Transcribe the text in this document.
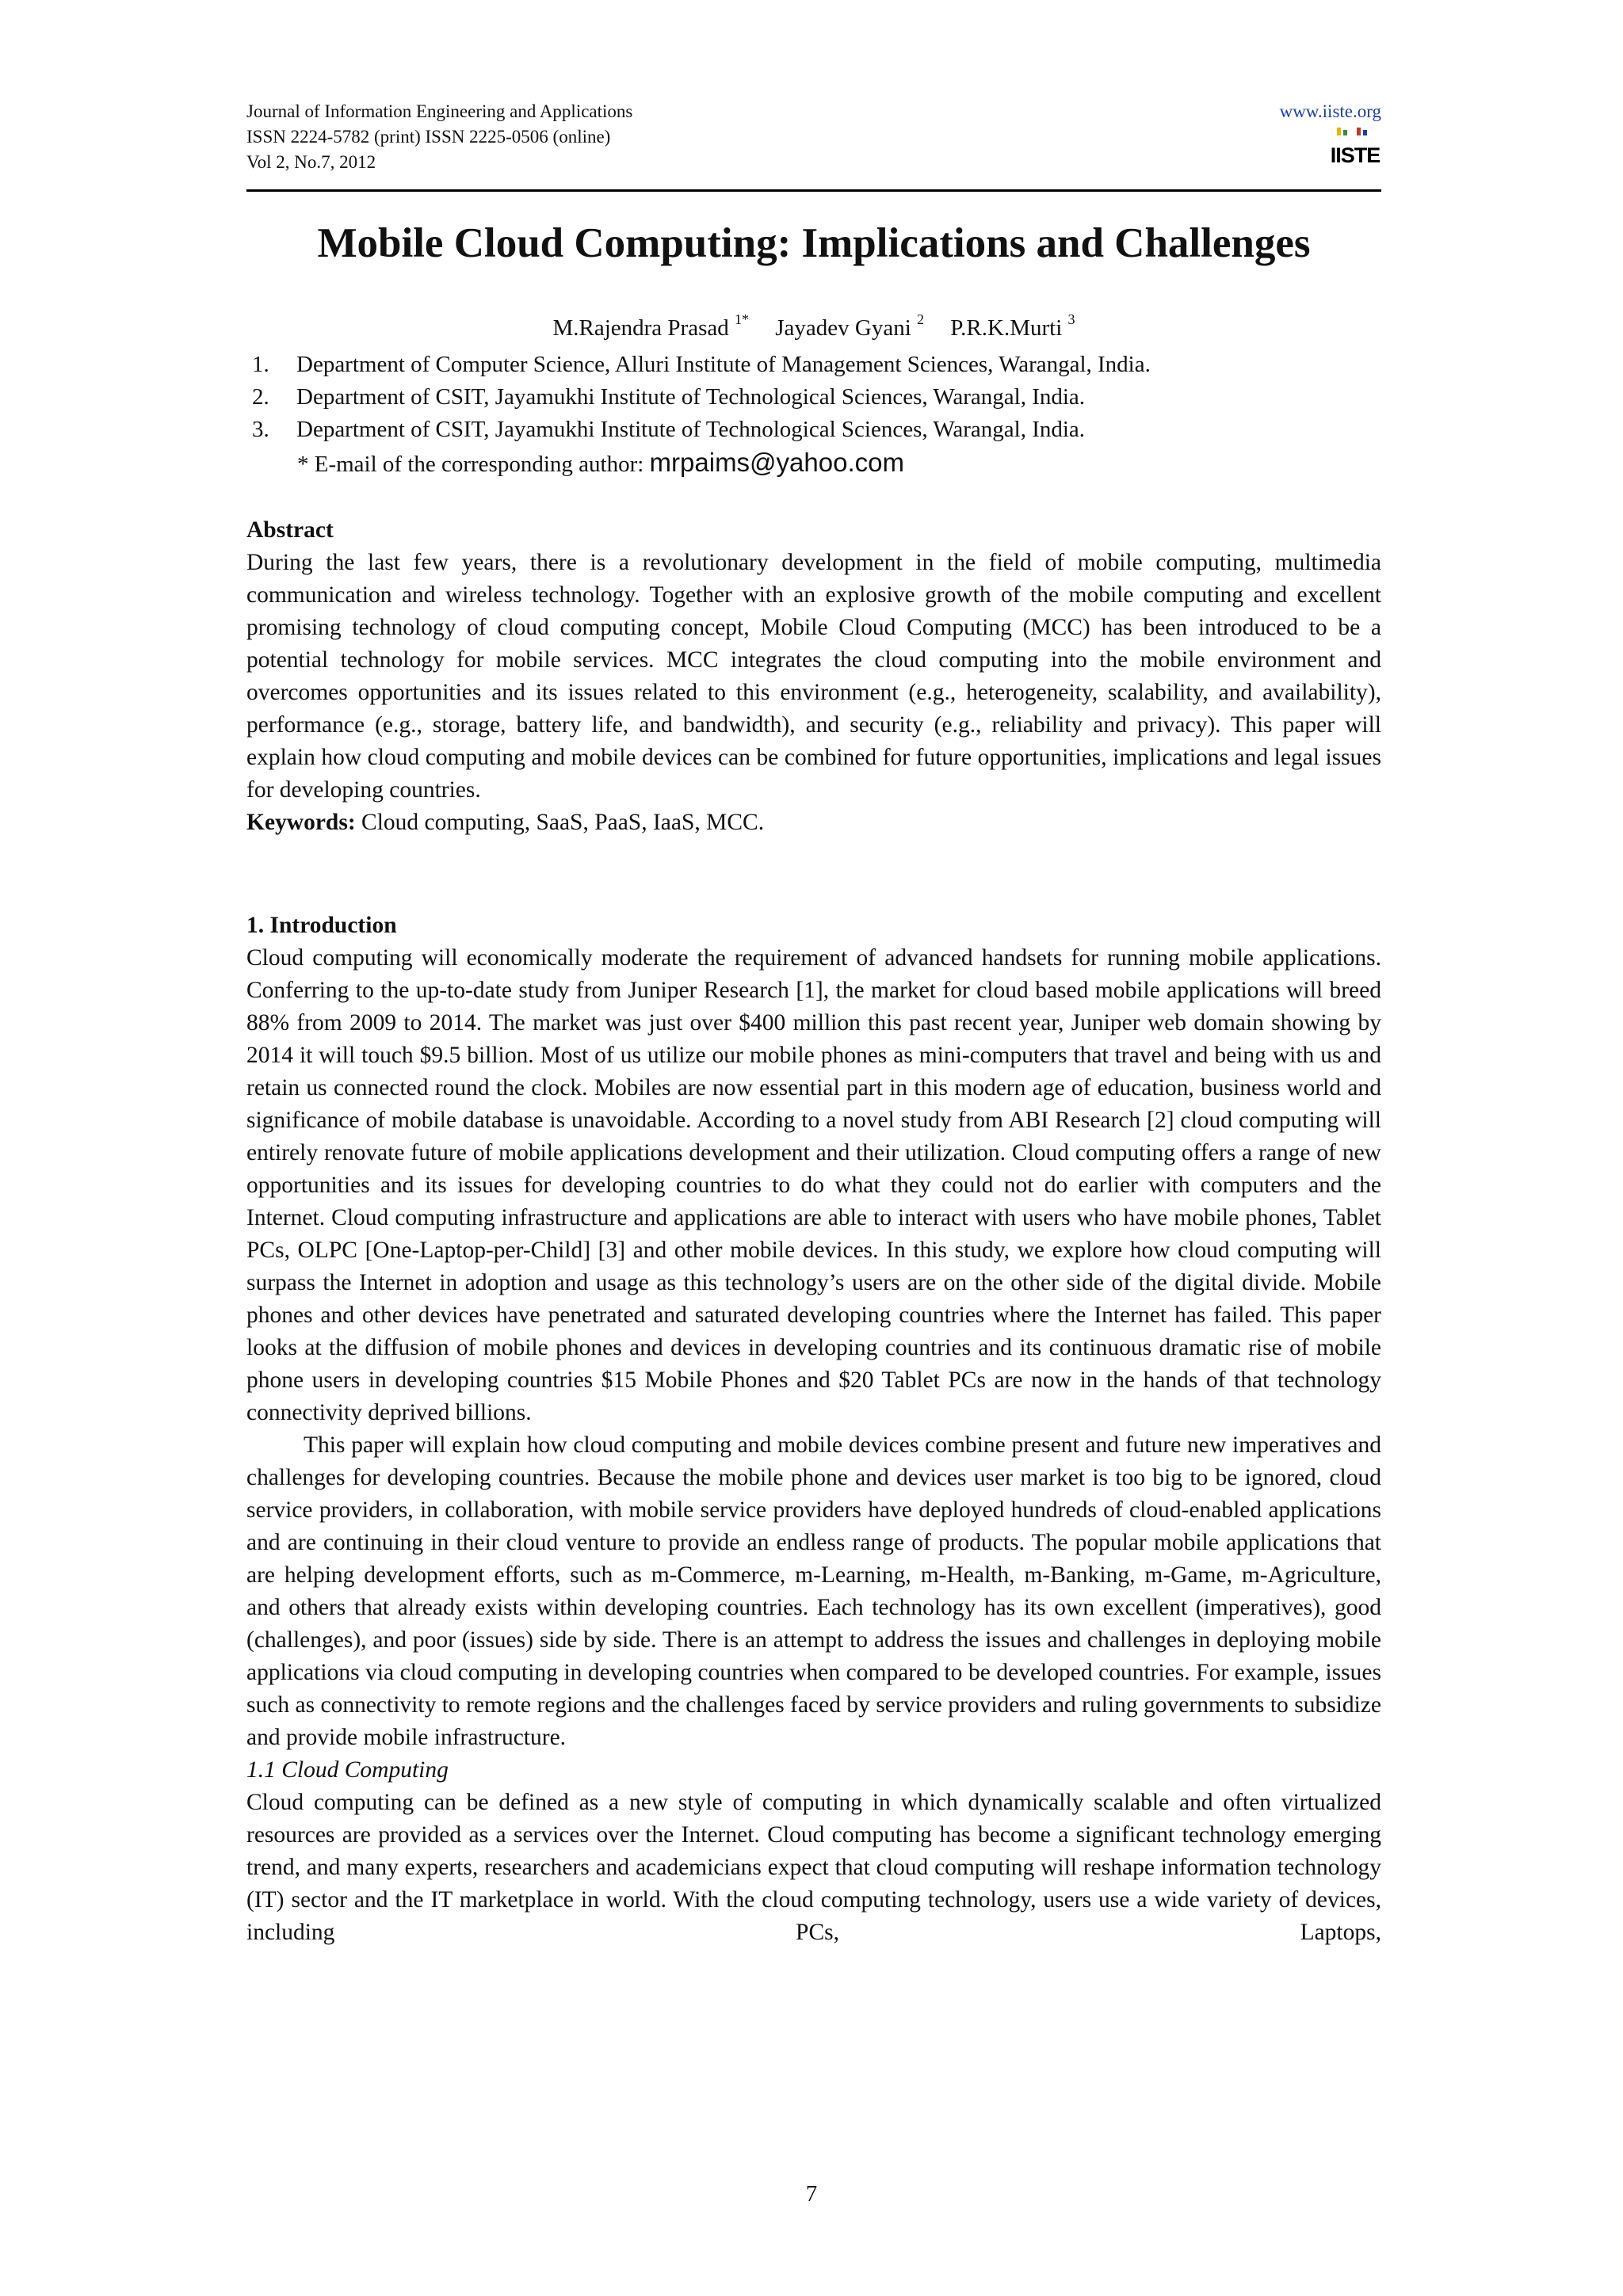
Journal of Information Engineering and Applications
ISSN 2224-5782 (print) ISSN 2225-0506 (online)
Vol 2, No.7, 2012
www.iiste.org
IISTE
Mobile Cloud Computing: Implications and Challenges
M.Rajendra Prasad $^{1*}$ Jayadev Gyani $^2$ P.R.K.Murti $^3$
1. Department of Computer Science, Alluri Institute of Management Sciences, Warangal, India.
2. Department of CSIT, Jayamukhi Institute of Technological Sciences, Warangal, India.
3. Department of CSIT, Jayamukhi Institute of Technological Sciences, Warangal, India.
* E-mail of the corresponding author: mrpaims@yahoo.com
Abstract
During the last few years, there is a revolutionary development in the field of mobile computing, multimedia communication and wireless technology. Together with an explosive growth of the mobile computing and excellent promising technology of cloud computing concept, Mobile Cloud Computing (MCC) has been introduced to be a potential technology for mobile services. MCC integrates the cloud computing into the mobile environment and overcomes opportunities and its issues related to this environment (e.g., heterogeneity, scalability, and availability), performance (e.g., storage, battery life, and bandwidth), and security (e.g., reliability and privacy). This paper will explain how cloud computing and mobile devices can be combined for future opportunities, implications and legal issues for developing countries.
Keywords: Cloud computing, SaaS, PaaS, IaaS, MCC.
1. Introduction
Cloud computing will economically moderate the requirement of advanced handsets for running mobile applications. Conferring to the up-to-date study from Juniper Research [1], the market for cloud based mobile applications will breed 88% from 2009 to 2014. The market was just over $400 million this past recent year, Juniper web domain showing by 2014 it will touch $9.5 billion. Most of us utilize our mobile phones as mini-computers that travel and being with us and retain us connected round the clock. Mobiles are now essential part in this modern age of education, business world and significance of mobile database is unavoidable. According to a novel study from ABI Research [2] cloud computing will entirely renovate future of mobile applications development and their utilization. Cloud computing offers a range of new opportunities and its issues for developing countries to do what they could not do earlier with computers and the Internet. Cloud computing infrastructure and applications are able to interact with users who have mobile phones, Tablet PCs, OLPC [One-Laptop-per-Child] [3] and other mobile devices. In this study, we explore how cloud computing will surpass the Internet in adoption and usage as this technology’s users are on the other side of the digital divide. Mobile phones and other devices have penetrated and saturated developing countries where the Internet has failed. This paper looks at the diffusion of mobile phones and devices in developing countries and its continuous dramatic rise of mobile phone users in developing countries $15 Mobile Phones and $20 Tablet PCs are now in the hands of that technology connectivity deprived billions.
This paper will explain how cloud computing and mobile devices combine present and future new imperatives and challenges for developing countries. Because the mobile phone and devices user market is too big to be ignored, cloud service providers, in collaboration, with mobile service providers have deployed hundreds of cloud-enabled applications and are continuing in their cloud venture to provide an endless range of products. The popular mobile applications that are helping development efforts, such as m-Commerce, m-Learning, m-Health, m-Banking, m-Game, m-Agriculture, and others that already exists within developing countries. Each technology has its own excellent (imperatives), good (challenges), and poor (issues) side by side. There is an attempt to address the issues and challenges in deploying mobile applications via cloud computing in developing countries when compared to be developed countries. For example, issues such as connectivity to remote regions and the challenges faced by service providers and ruling governments to subsidize and provide mobile infrastructure.
1.1 Cloud Computing
Cloud computing can be defined as a new style of computing in which dynamically scalable and often virtualized resources are provided as a services over the Internet. Cloud computing has become a significant technology emerging trend, and many experts, researchers and academicians expect that cloud computing will reshape information technology (IT) sector and the IT marketplace in world. With the cloud computing technology, users use a wide variety of devices, including PCs, Laptops,
7
